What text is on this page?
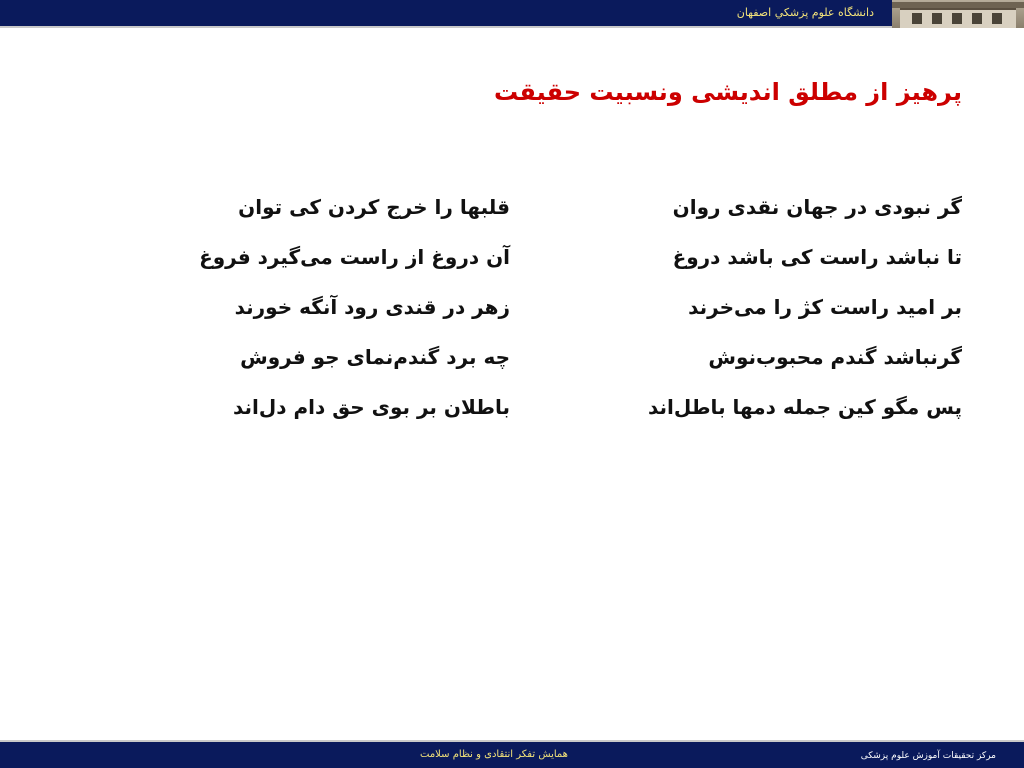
دانشگاه علوم پزشكي اصفهان
پرهیز از مطلق اندیشی ونسبیت حقیقت
گر نبودی در جهان نقدی روان
قلبها را خرج کردن کی توان
تا نباشد راست کی باشد دروغ
آن دروغ از راست می‌گیرد فروغ
بر امید راست کژ را می‌خرند
زهر در قندی رود آنگه خورند
گرنباشد گندم محبوب‌نوش
چه برد گندم‌نمای جو فروش
پس مگو کین جمله دمها باطل‌اند
باطلان بر بوی حق دام دل‌اند
همایش تفکر انتقادی و نظام سلامت	مرکز تحقیقات آموزش علوم پزشکی
